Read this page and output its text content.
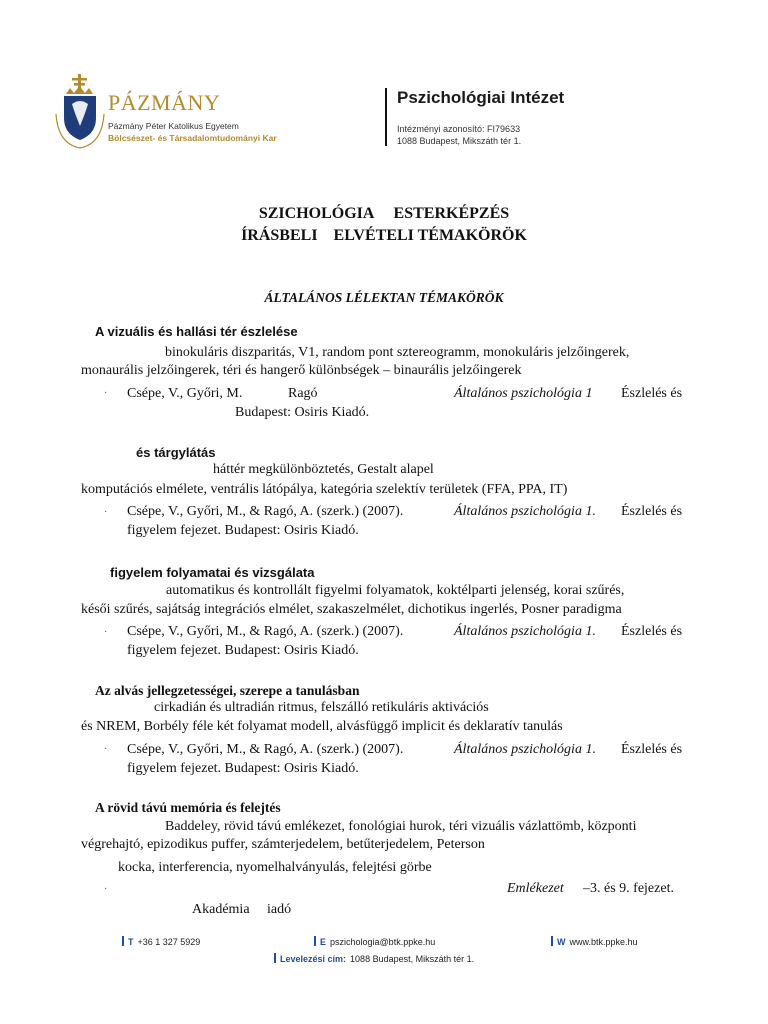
PÁZMÁNY
Pázmány Péter Katolikus Egyetem
Bölcsészet- és Társadalomtudományi Kar
Pszichológiai Intézet
Intézményi azonosító: FI79633
1088 Budapest, Mikszáth tér 1.
SZICHOLÓGIA     ESTERKÉPZÉS
ÍRÁSBELI    ELVÉTELI TÉMAKÖRÖK
ÁLTALÁNOS LÉLEKTAN TÉMAKÖRÖK
A vizuális és hallási tér észlelése
binokuláris diszparitás, V1, random pont sztereogramm, monokuláris jelzőingerek,
monaurális jelzőingerek, téri és hangerő különbségek – binaurális jelzőingerek
· Csépe, V., Győri, M.	Ragó	Általános pszichológia 1 Észlelés és
Budapest: Osiris Kiadó.
és tárgylátás
háttér megkülönböztetés, Gestalt alapel
komputációs elmélete, ventrális látópálya, kategória szelektív területek (FFA, PPA, IT)
· Csépe, V., Győri, M., & Ragó, A. (szerk.) (2007).	Általános pszichológia 1. Észlelés és
figyelem fejezet. Budapest: Osiris Kiadó.
figyelem folyamatai és vizsgálata
automatikus és kontrollált figyelmi folyamatok, koktélparti jelenség, korai szűrés,
késői szűrés, sajátság integrációs elmélet, szakaszelmélet, dichotikus ingerlés, Posner paradigma
· Csépe, V., Győri, M., & Ragó, A. (szerk.) (2007).	Általános pszichológia 1. Észlelés és
figyelem fejezet. Budapest: Osiris Kiadó.
Az alvás jellegzetességei, szerepe a tanulásban
cirkadián és ultradián ritmus, felszálló retikuláris aktivációs
és NREM, Borbély féle két folyamat modell, alvásfüggő implicit és deklaratív tanulás
· Csépe, V., Győri, M., & Ragó, A. (szerk.) (2007).	Általános pszichológia 1. Észlelés és
figyelem fejezet. Budapest: Osiris Kiadó.
A rövid távú memória és felejtés
Baddeley, rövid távú emlékezet, fonológiai hurok, téri vizuális vázlattömb, központi
végrehajtó, epizodikus puffer, számterjedelem, betűterjedelem, Peterson
kocka, interferencia, nyomelhalványulás, felejtési görbe
·	Emlékezet –3. és 9. fejezet.
Akadémia iadó
T +36 1 327 5929	E pszichologia@btk.ppke.hu	W www.btk.ppke.hu
Levelezési cím: 1088 Budapest, Mikszáth tér 1.
